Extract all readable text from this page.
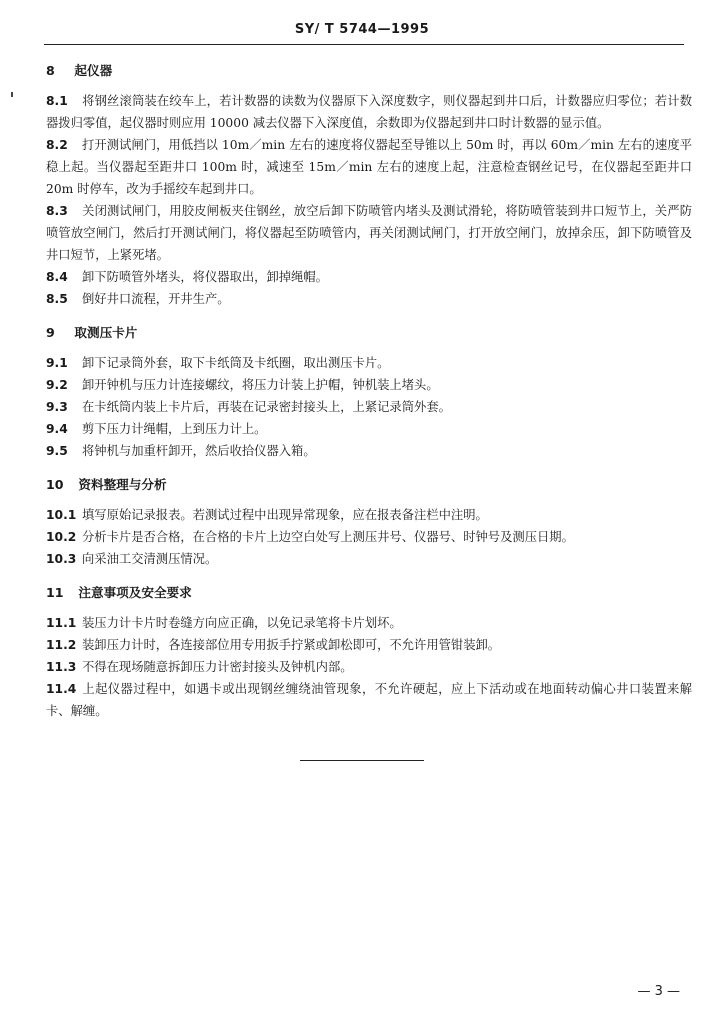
SY/ T 5744—1995
8 起仪器
8.1 将钢丝滚筒装在绞车上，若计数器的读数为仪器原下入深度数字，则仪器起到井口后，计数器应归零位；若计数器拨归零值，起仪器时则应用 10000 减去仪器下入深度值，余数即为仪器起到井口时计数器的显示值。
8.2 打开测试闸门，用低挡以 10m／min 左右的速度将仪器起至导锥以上 50m 时，再以 60m／min 左右的速度平稳上起。当仪器起至距井口 100m 时，减速至 15m／min 左右的速度上起，注意检查钢丝记号，在仪器起至距井口 20m 时停车，改为手摇绞车起到井口。
8.3 关闭测试闸门，用胶皮闸板夹住钢丝，放空后卸下防喷管内堵头及测试滑轮，将防喷管装到井口短节上，关严防喷管放空闸门，然后打开测试闸门，将仪器起至防喷管内，再关闭测试闸门，打开放空闸门，放掉余压，卸下防喷管及井口短节，上紧死堵。
8.4 卸下防喷管外堵头，将仪器取出，卸掉绳帽。
8.5 倒好井口流程，开井生产。
9 取测压卡片
9.1 卸下记录筒外套，取下卡纸筒及卡纸圈，取出测压卡片。
9.2 卸开钟机与压力计连接螺纹，将压力计装上护帽，钟机装上堵头。
9.3 在卡纸筒内装上卡片后，再装在记录密封接头上，上紧记录筒外套。
9.4 剪下压力计绳帽，上到压力计上。
9.5 将钟机与加重杆卸开，然后收拾仪器入箱。
10 资料整理与分析
10.1 填写原始记录报表。若测试过程中出现异常现象，应在报表备注栏中注明。
10.2 分析卡片是否合格，在合格的卡片上边空白处写上测压井号、仪器号、时钟号及测压日期。
10.3 向采油工交清测压情况。
11 注意事项及安全要求
11.1 装压力计卡片时卷缝方向应正确，以免记录笔将卡片划坏。
11.2 装卸压力计时，各连接部位用专用扳手拧紧或卸松即可，不允许用管钳装卸。
11.3 不得在现场随意拆卸压力计密封接头及钟机内部。
11.4 上起仪器过程中，如遇卡或出现钢丝缠绕油管现象，不允许硬起，应上下活动或在地面转动偏心井口装置来解卡、解缠。
— 3 —
